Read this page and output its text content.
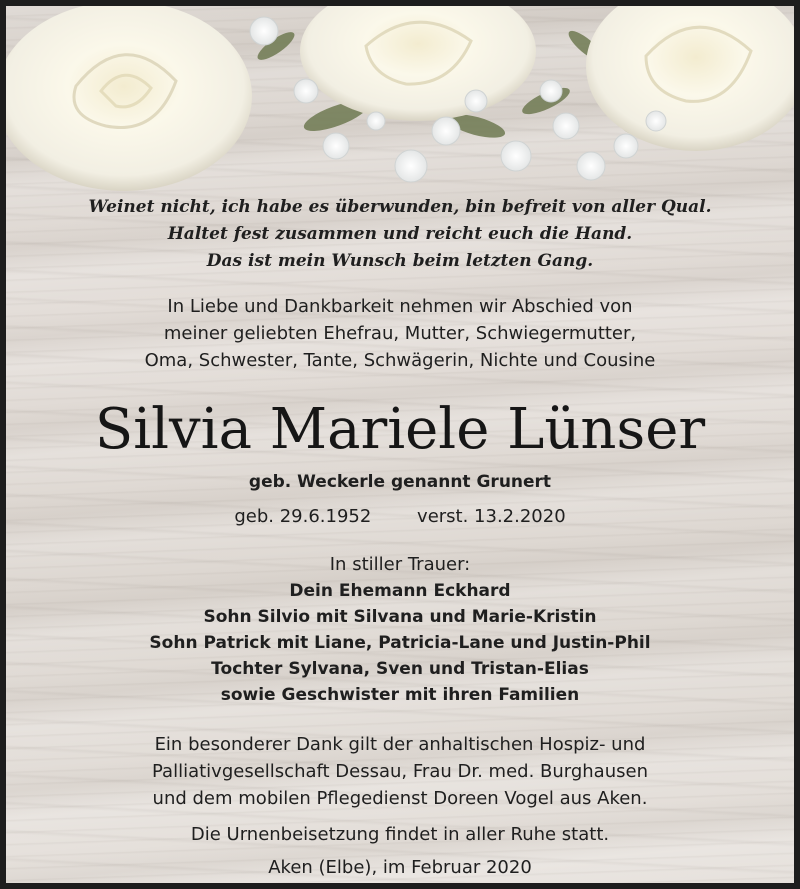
Weinet nicht, ich habe es überwunden, bin befreit von aller Qual.
Haltet fest zusammen und reicht euch die Hand.
Das ist mein Wunsch beim letzten Gang.
In Liebe und Dankbarkeit nehmen wir Abschied von
meiner geliebten Ehefrau, Mutter, Schwiegermutter,
Oma, Schwester, Tante, Schwägerin, Nichte und Cousine
Silvia Mariele Lünser
geb. Weckerle genannt Grunert
geb. 29.6.1952	verst. 13.2.2020
In stiller Trauer:
Dein Ehemann Eckhard
Sohn Silvio mit Silvana und Marie-Kristin
Sohn Patrick mit Liane, Patricia-Lane und Justin-Phil
Tochter Sylvana, Sven und Tristan-Elias
sowie Geschwister mit ihren Familien
Ein besonderer Dank gilt der anhaltischen Hospiz- und
Palliativgesellschaft Dessau, Frau Dr. med. Burghausen
und dem mobilen Pflegedienst Doreen Vogel aus Aken.
Die Urnenbeisetzung findet in aller Ruhe statt.
Aken (Elbe), im Februar 2020
